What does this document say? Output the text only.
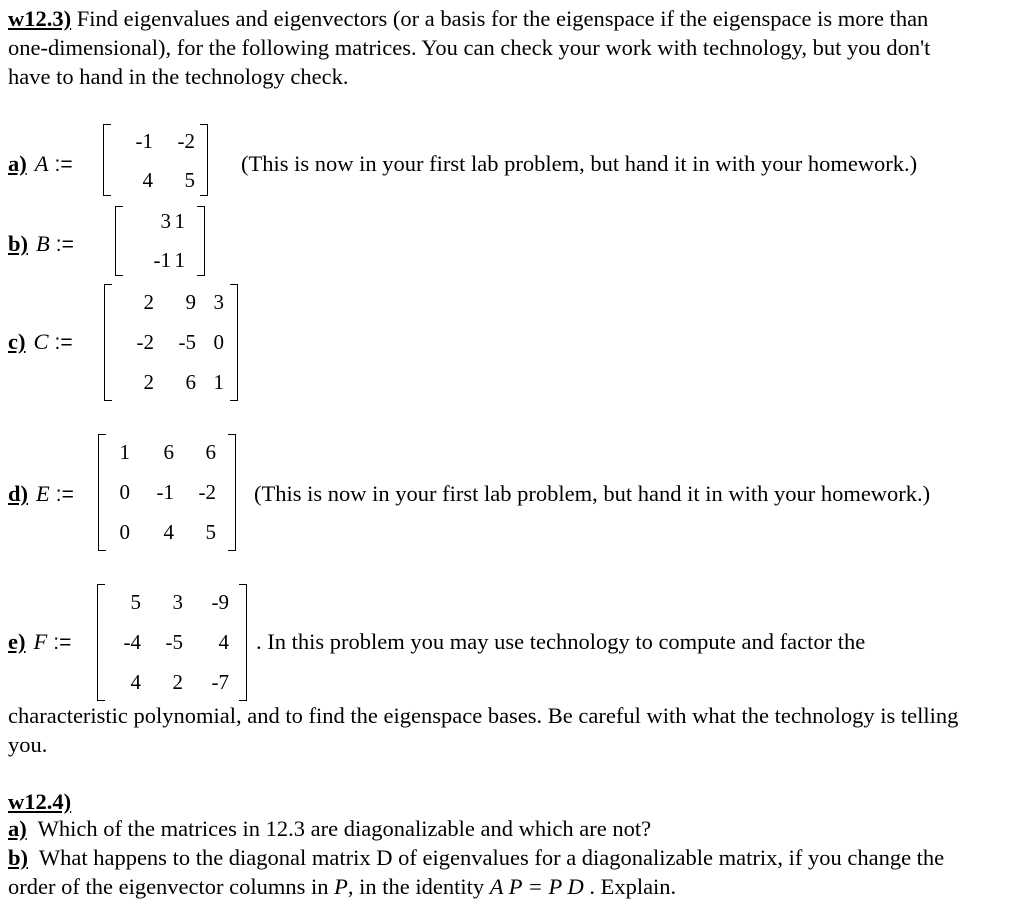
w12.3) Find eigenvalues and eigenvectors (or a basis for the eigenspace if the eigenspace is more than
one-dimensional), for the following matrices. You can check your work with technology, but you don't
have to hand in the technology check.
a) A :=
-1	-2
4	5
(This is now in your first lab problem, but hand it in with your homework.)
b) B :=
3 1
-1 1
c) C :=
2	9 3
-2	-5 0
2	6 1
d) E :=
1	6	6
0	-1	-2
0	4	5
(This is now in your first lab problem, but hand it in with your homework.)
e) F :=
5	3	-9
-4	-5	4
4	2	-7
. In this problem you may use technology to compute and factor the
characteristic polynomial, and to find the eigenspace bases. Be careful with what the technology is telling
you.
w12.4)
a) Which of the matrices in 12.3 are diagonalizable and which are not?
b) What happens to the diagonal matrix D of eigenvalues for a diagonalizable matrix, if you change the
order of the eigenvector columns in P, in the identity A P = P D . Explain.
